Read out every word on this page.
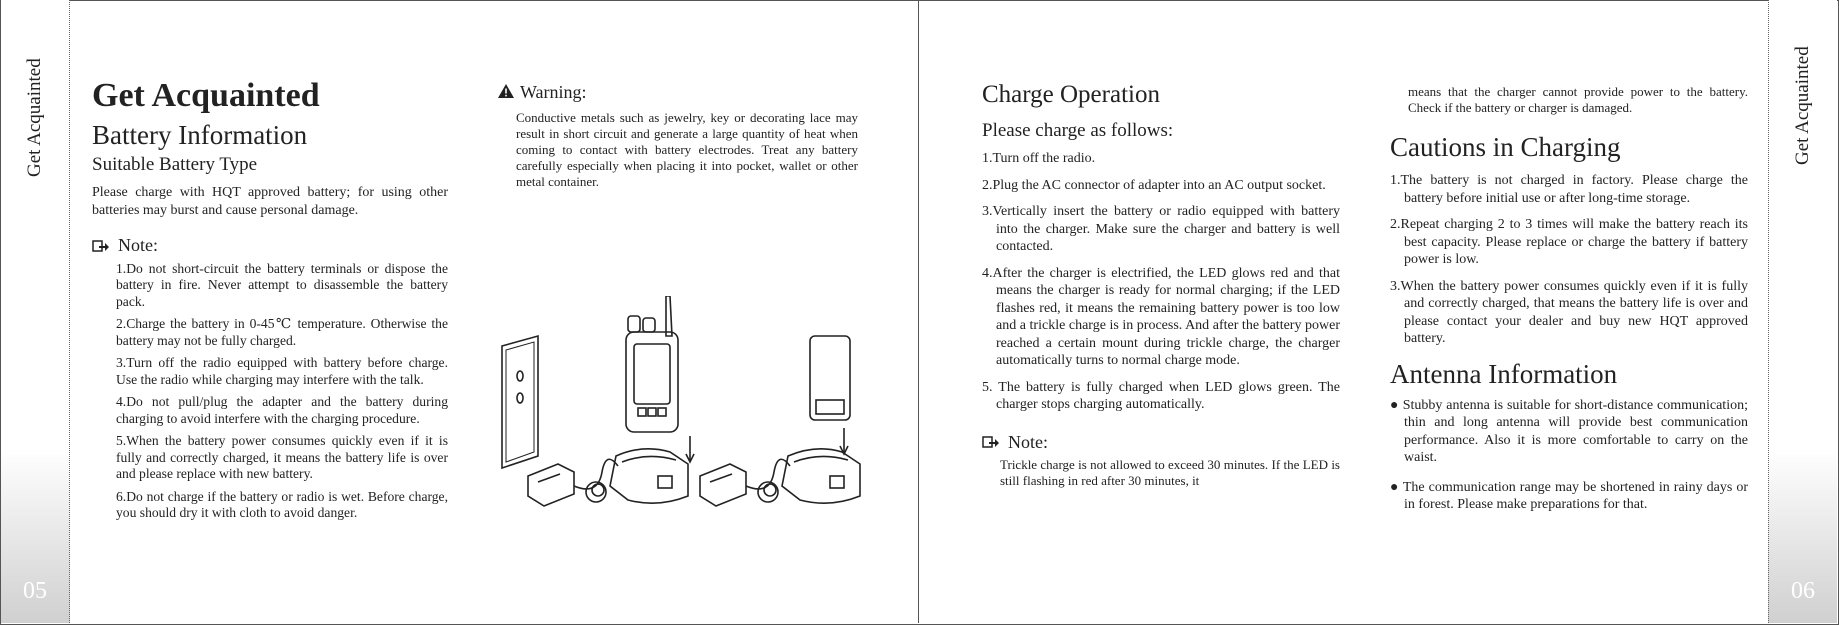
Get Acquainted
05
Get Acquainted
06
Get Acquainted
Battery Information
Suitable Battery Type

Please charge with HQT approved battery; for using other batteries may burst and cause personal damage.

Note:
1.Do not short-circuit the battery terminals or dispose the battery in fire. Never attempt to disassemble the battery pack.
2.Charge the battery in 0-45℃ temperature. Otherwise the battery may not be fully charged.
3.Turn off the radio equipped with battery before charge. Use the radio while charging may interfere with the talk.
4.Do not pull/plug the adapter and the battery during charging to avoid interfere with the charging procedure.
5.When the battery power consumes quickly even if it is fully and correctly charged, it means the battery life is over and please replace with new battery.
6.Do not charge if the battery or radio is wet. Before charge, you should dry it with cloth to avoid danger.
Warning:

Conductive metals such as jewelry, key or decorating lace may result in short circuit and generate a large quantity of heat when coming to contact with battery electrodes. Treat any battery carefully especially when placing it into pocket, wallet or other metal container.

Charge Operation
Please charge as follows:
1.Turn off the radio.
2.Plug the AC connector of adapter into an AC output socket.
3.Vertically insert the battery or radio equipped with battery into the charger. Make sure the charger and battery is well contacted.
4.After the charger is electrified, the LED glows red and that means the charger is ready for normal charging; if the LED flashes red, it means the remaining battery power is too low and a trickle charge is in process. And after the battery power reached a certain mount during trickle charge, the charger automatically turns to normal charge mode.
5. The battery is fully charged when LED glows green. The charger stops charging automatically.
Note:

Trickle charge is not allowed to exceed 30 minutes. If the LED is still flashing in red after 30 minutes, it

means that the charger cannot provide power to the battery. Check if the battery or charger is damaged.

Cautions in Charging
1.The battery is not charged in factory. Please charge the battery before initial use or after long-time storage.
2.Repeat charging 2 to 3 times will make the battery reach its best capacity. Please replace or charge the battery if battery power is low.
3.When the battery power consumes quickly even if it is fully and correctly charged, that means the battery life is over and please contact your dealer and buy new HQT approved battery.
Antenna Information
● Stubby antenna is suitable for short-distance communication; thin and long antenna will provide best communication performance. Also it is more comfortable to carry on the waist.
● The communication range may be shortened in rainy days or in forest. Please make preparations for that.
